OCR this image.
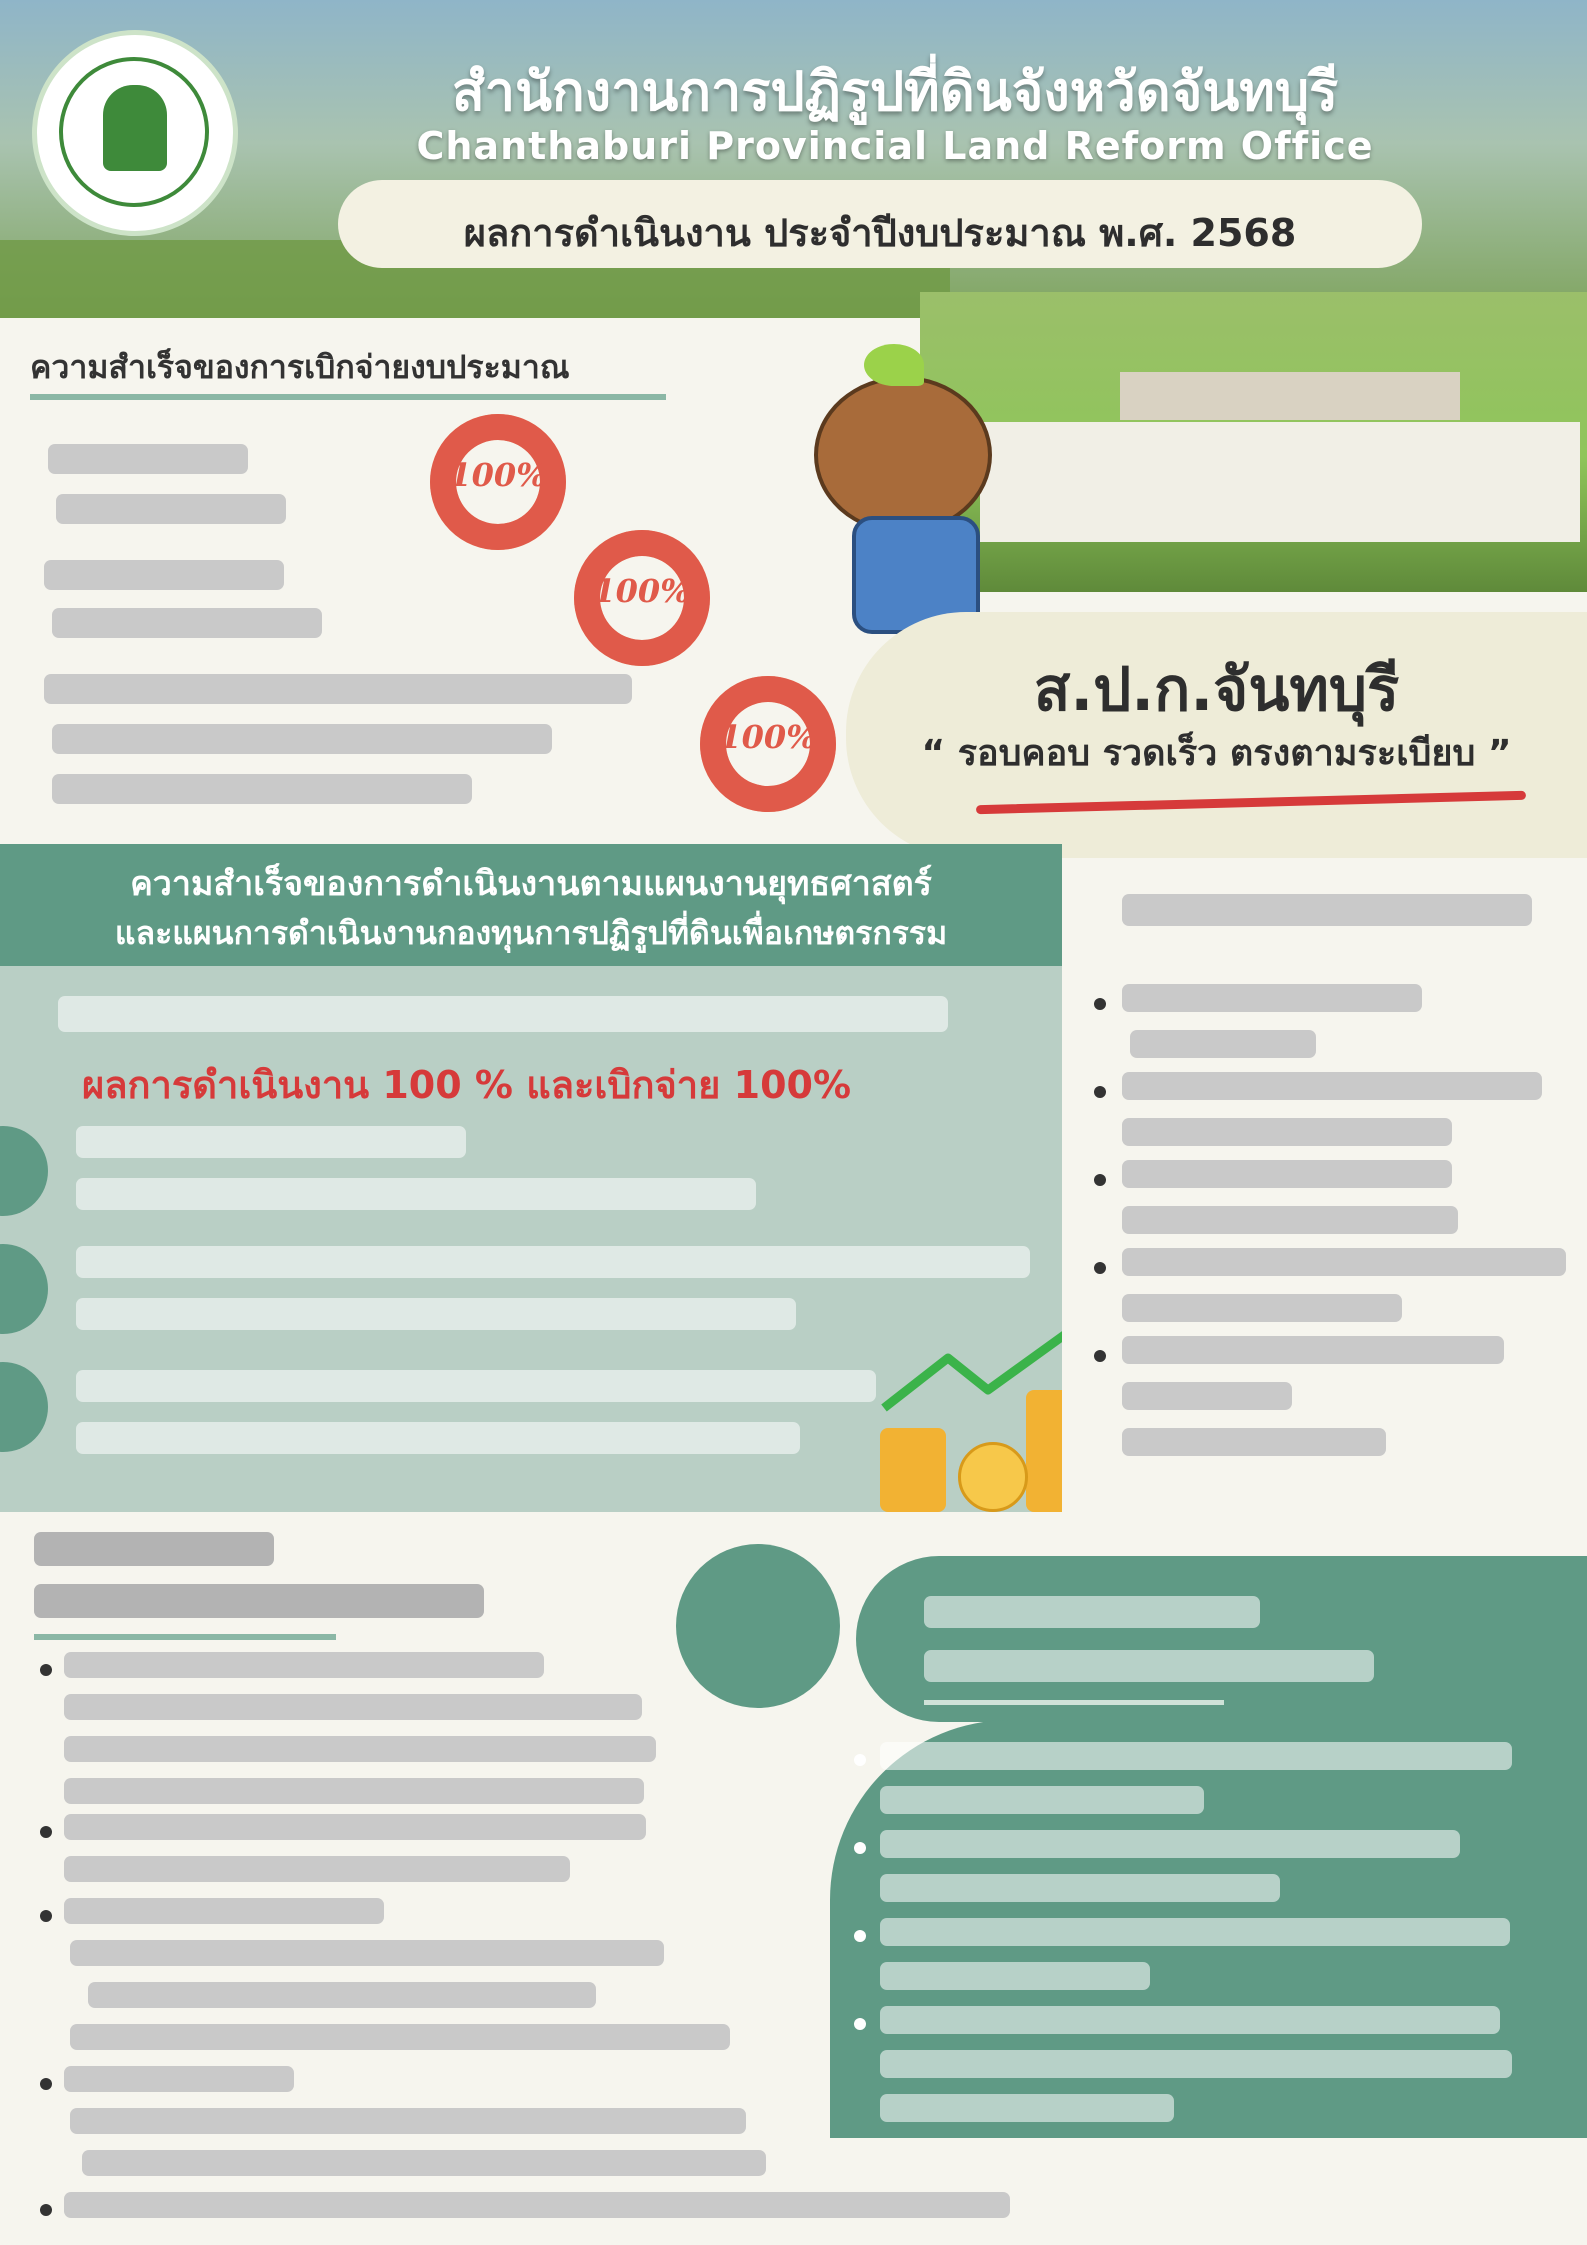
สำนักงานการปฏิรูปที่ดินจังหวัดจันทบุรี
Chanthaburi Provincial Land Reform Office
ผลการดำเนินงาน ประจำปีงบประมาณ พ.ศ. 2568
ความสำเร็จของการเบิกจ่ายงบประมาณ
100%
100%
100%
ส.ป.ก.จันทบุรี
“ รอบคอบ รวดเร็ว ตรงตามระเบียบ ”
ความสำเร็จของการดำเนินงานตามแผนงานยุทธศาสตร์
และแผนการดำเนินงานกองทุนการปฏิรูปที่ดินเพื่อเกษตรกรรม
ผลการดำเนินงาน 100 % และเบิกจ่าย 100%
